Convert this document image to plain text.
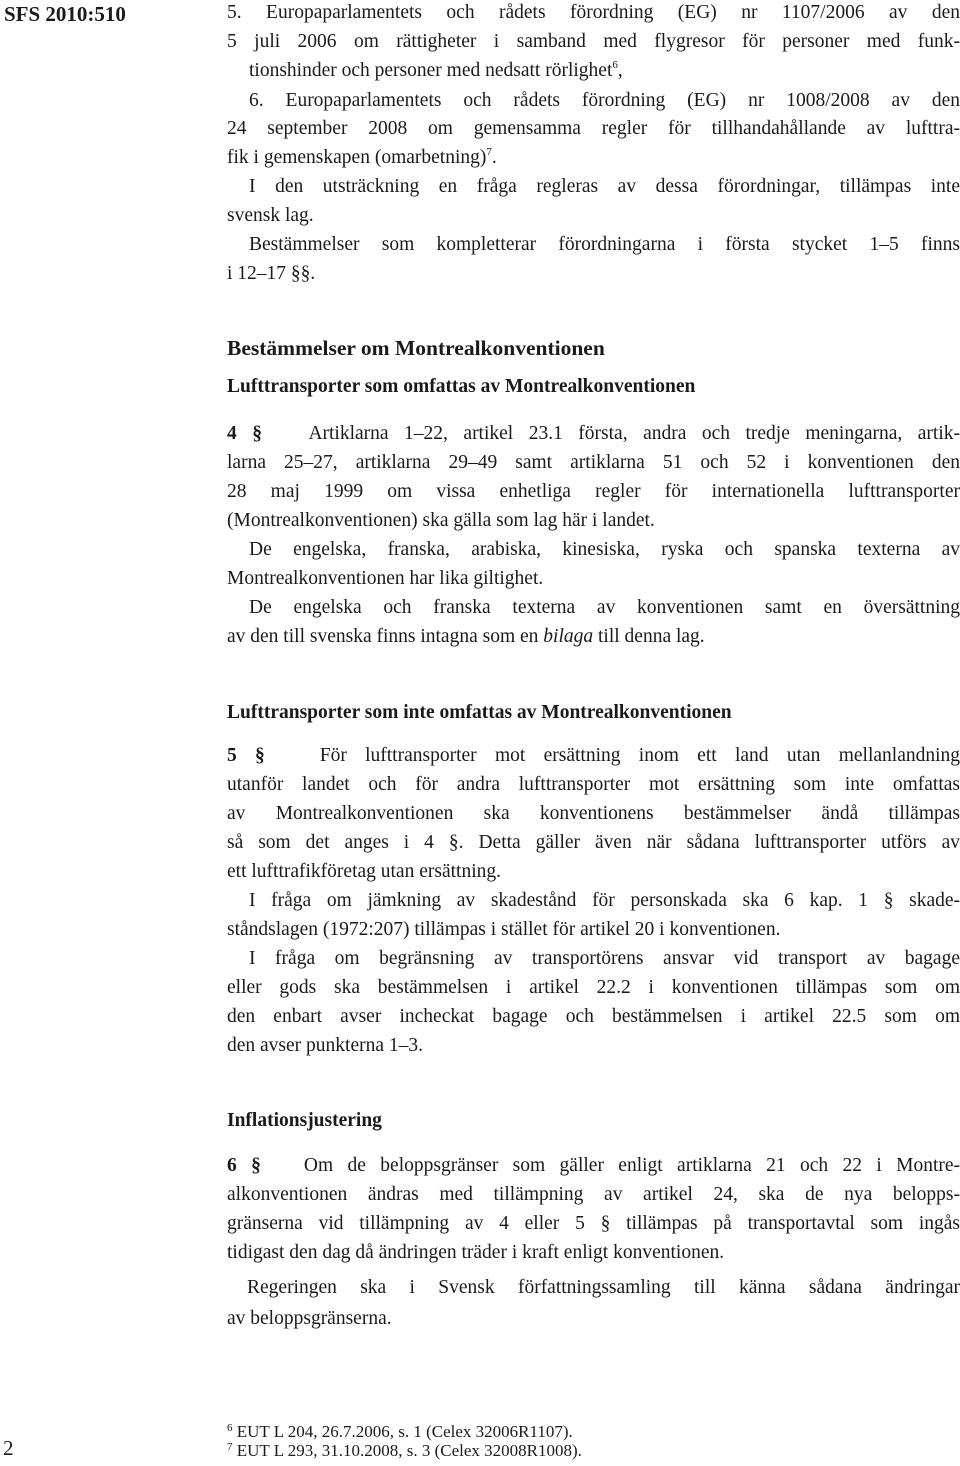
SFS 2010:510	5. Europaparlamentets och rådets förordning (EG) nr 1107/2006 av den
5 juli 2006 om rättigheter i samband med flygresor för personer med funk-
tionshinder och personer med nedsatt rörlighet$^6$,
6. Europaparlamentets och rådets förordning (EG) nr 1008/2008 av den
24 september 2008 om gemensamma regler för tillhandahållande av lufttra-
fik i gemenskapen (omarbetning)$^7$.
I den utsträckning en fråga regleras av dessa förordningar, tillämpas inte
svensk lag.
Bestämmelser som kompletterar förordningarna i första stycket 1–5 finns
i 12–17 §§.
Bestämmelser om Montrealkonventionen
Lufttransporter som omfattas av Montrealkonventionen
4 § Artiklarna 1–22, artikel 23.1 första, andra och tredje meningarna, artik-
larna 25–27, artiklarna 29–49 samt artiklarna 51 och 52 i konventionen den
28 maj 1999 om vissa enhetliga regler för internationella lufttransporter
(Montrealkonventionen) ska gälla som lag här i landet.
De engelska, franska, arabiska, kinesiska, ryska och spanska texterna av
Montrealkonventionen har lika giltighet.
De engelska och franska texterna av konventionen samt en översättning
av den till svenska finns intagna som en bilaga till denna lag.
Lufttransporter som inte omfattas av Montrealkonventionen
5 §	För lufttransporter mot ersättning inom ett land utan mellanlandning
utanför landet och för andra lufttransporter mot ersättning som inte omfattas
av Montrealkonventionen ska konventionens bestämmelser ändå tillämpas
så som det anges i 4 §. Detta gäller även när sådana lufttransporter utförs av
ett lufttrafikföretag utan ersättning.
I fråga om jämkning av skadestånd för personskada ska 6 kap. 1 § skade-
ståndslagen (1972:207) tillämpas i stället för artikel 20 i konventionen.
I fråga om begränsning av transportörens ansvar vid transport av bagage
eller gods ska bestämmelsen i artikel 22.2 i konventionen tillämpas som om
den enbart avser incheckat bagage och bestämmelsen i artikel 22.5 som om
den avser punkterna 1–3.
Inflationsjustering
6 § Om de beloppsgränser som gäller enligt artiklarna 21 och 22 i Montre-
alkonventionen ändras med tillämpning av artikel 24, ska de nya belopps-
gränserna vid tillämpning av 4 eller 5 § tillämpas på transportavtal som ingås
tidigast den dag då ändringen träder i kraft enligt konventionen.
Regeringen ska i Svensk författningssamling till känna sådana ändringar
av beloppsgränserna.
2
$^6$ EUT L 204, 26.7.2006, s. 1 (Celex 32006R1107).
$^7$ EUT L 293, 31.10.2008, s. 3 (Celex 32008R1008).
